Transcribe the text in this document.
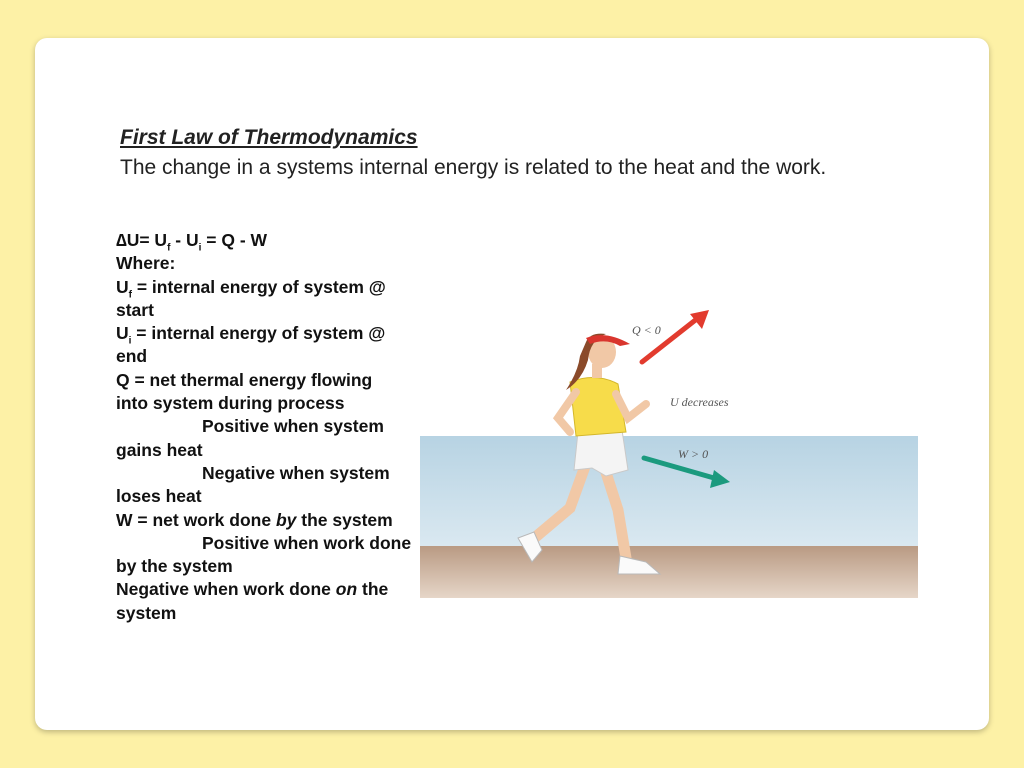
First Law of Thermodynamics

The change in a systems internal energy is related to the heat and the work.

$\Delta U= U_f - U_i = Q - W$
Where:
$U_f$ = internal energy of system @
start
$U_i$ = internal energy of system @
end
Q = net thermal energy flowing
into system during process
Positive when system
gains heat
Negative when system
loses heat
W = net work done by the system
Positive when work done
by the system
Negative when work done on the
system
Q < 0
U decreases
W > 0
